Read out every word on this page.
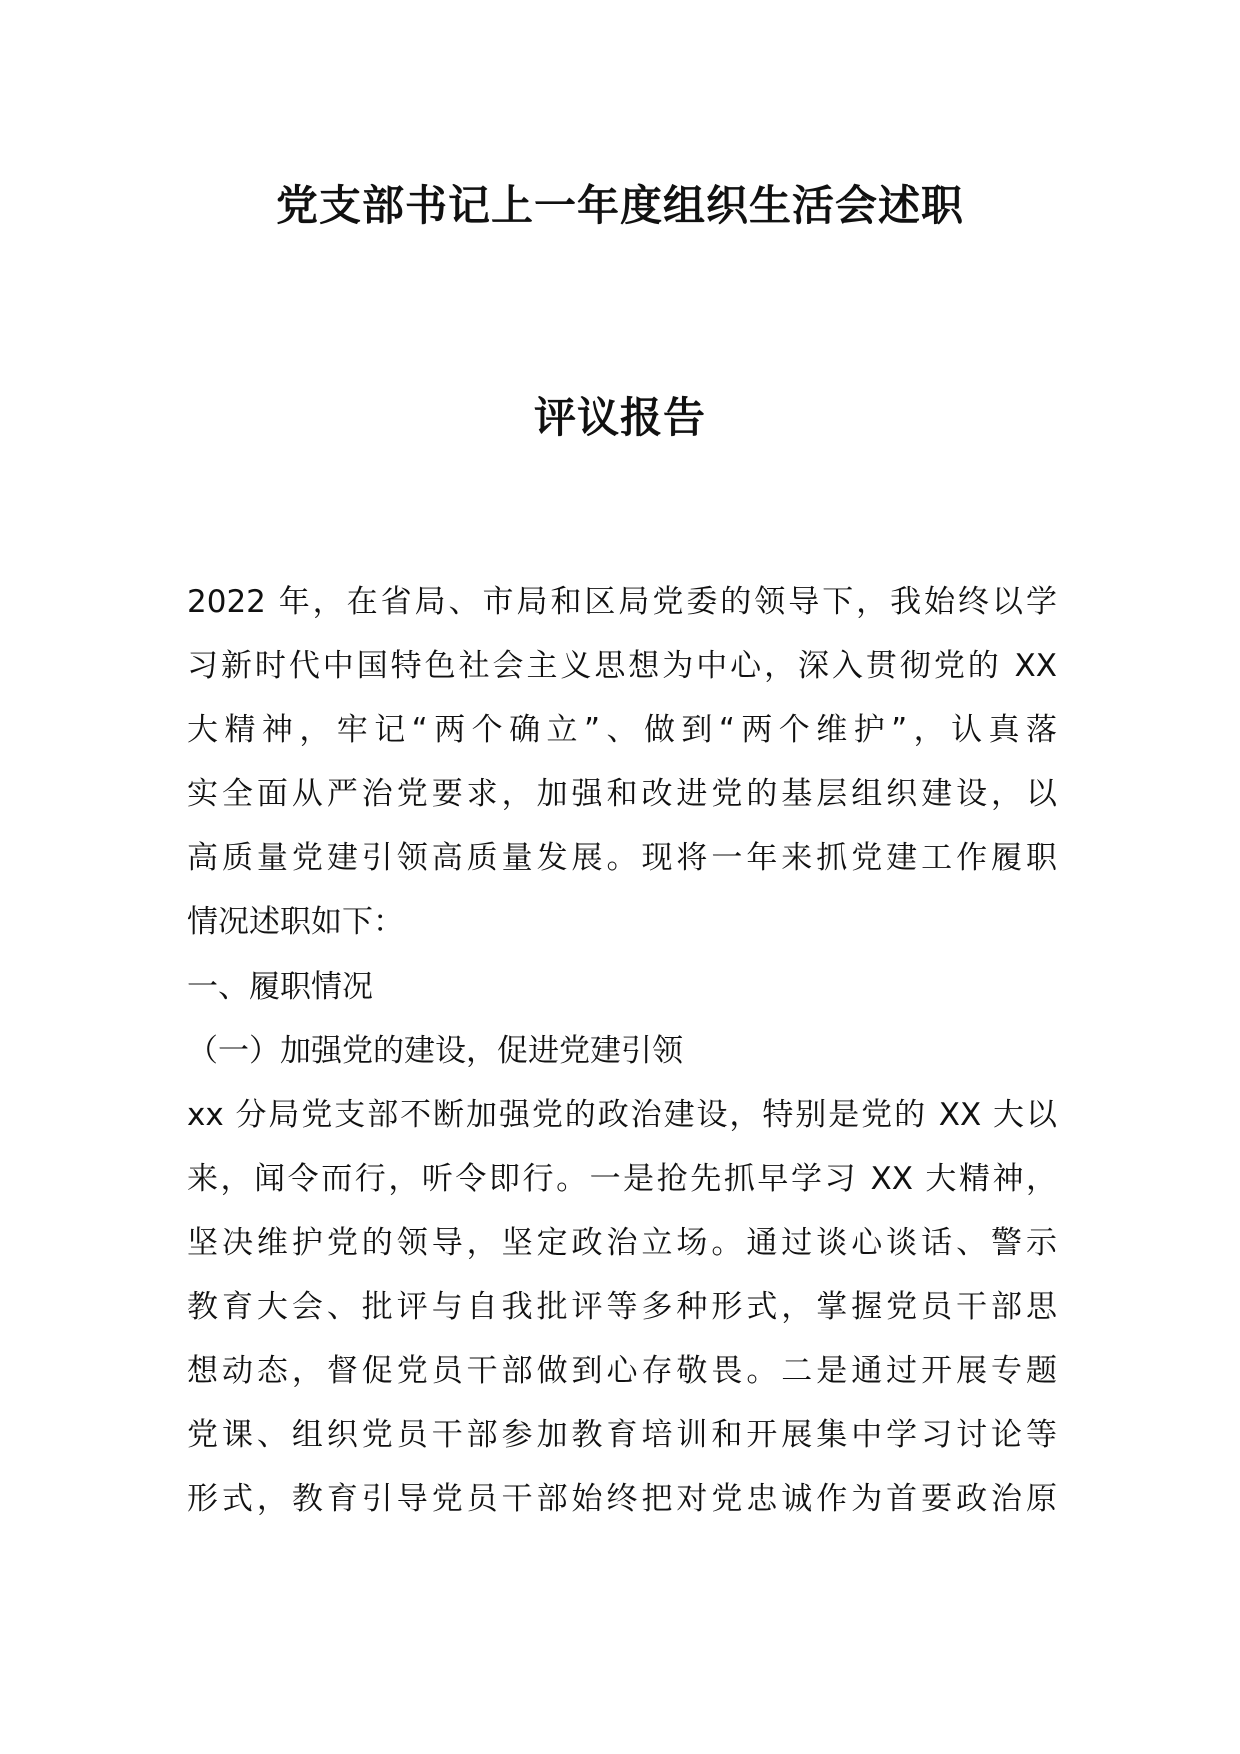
党支部书记上一年度组织生活会述职
评议报告
2022 年，在省局、市局和区局党委的领导下，我始终以学
习新时代中国特色社会主义思想为中心，深入贯彻党的 XX
大精神，牢记“两个确立”、做到“两个维护”，认真落
实全面从严治党要求，加强和改进党的基层组织建设，以
高质量党建引领高质量发展。现将一年来抓党建工作履职
情况述职如下：
一、履职情况
（一）加强党的建设，促进党建引领
xx 分局党支部不断加强党的政治建设，特别是党的 XX 大以
来，闻令而行，听令即行。一是抢先抓早学习 XX 大精神，
坚决维护党的领导，坚定政治立场。通过谈心谈话、警示
教育大会、批评与自我批评等多种形式，掌握党员干部思
想动态，督促党员干部做到心存敬畏。二是通过开展专题
党课、组织党员干部参加教育培训和开展集中学习讨论等
形式，教育引导党员干部始终把对党忠诚作为首要政治原
